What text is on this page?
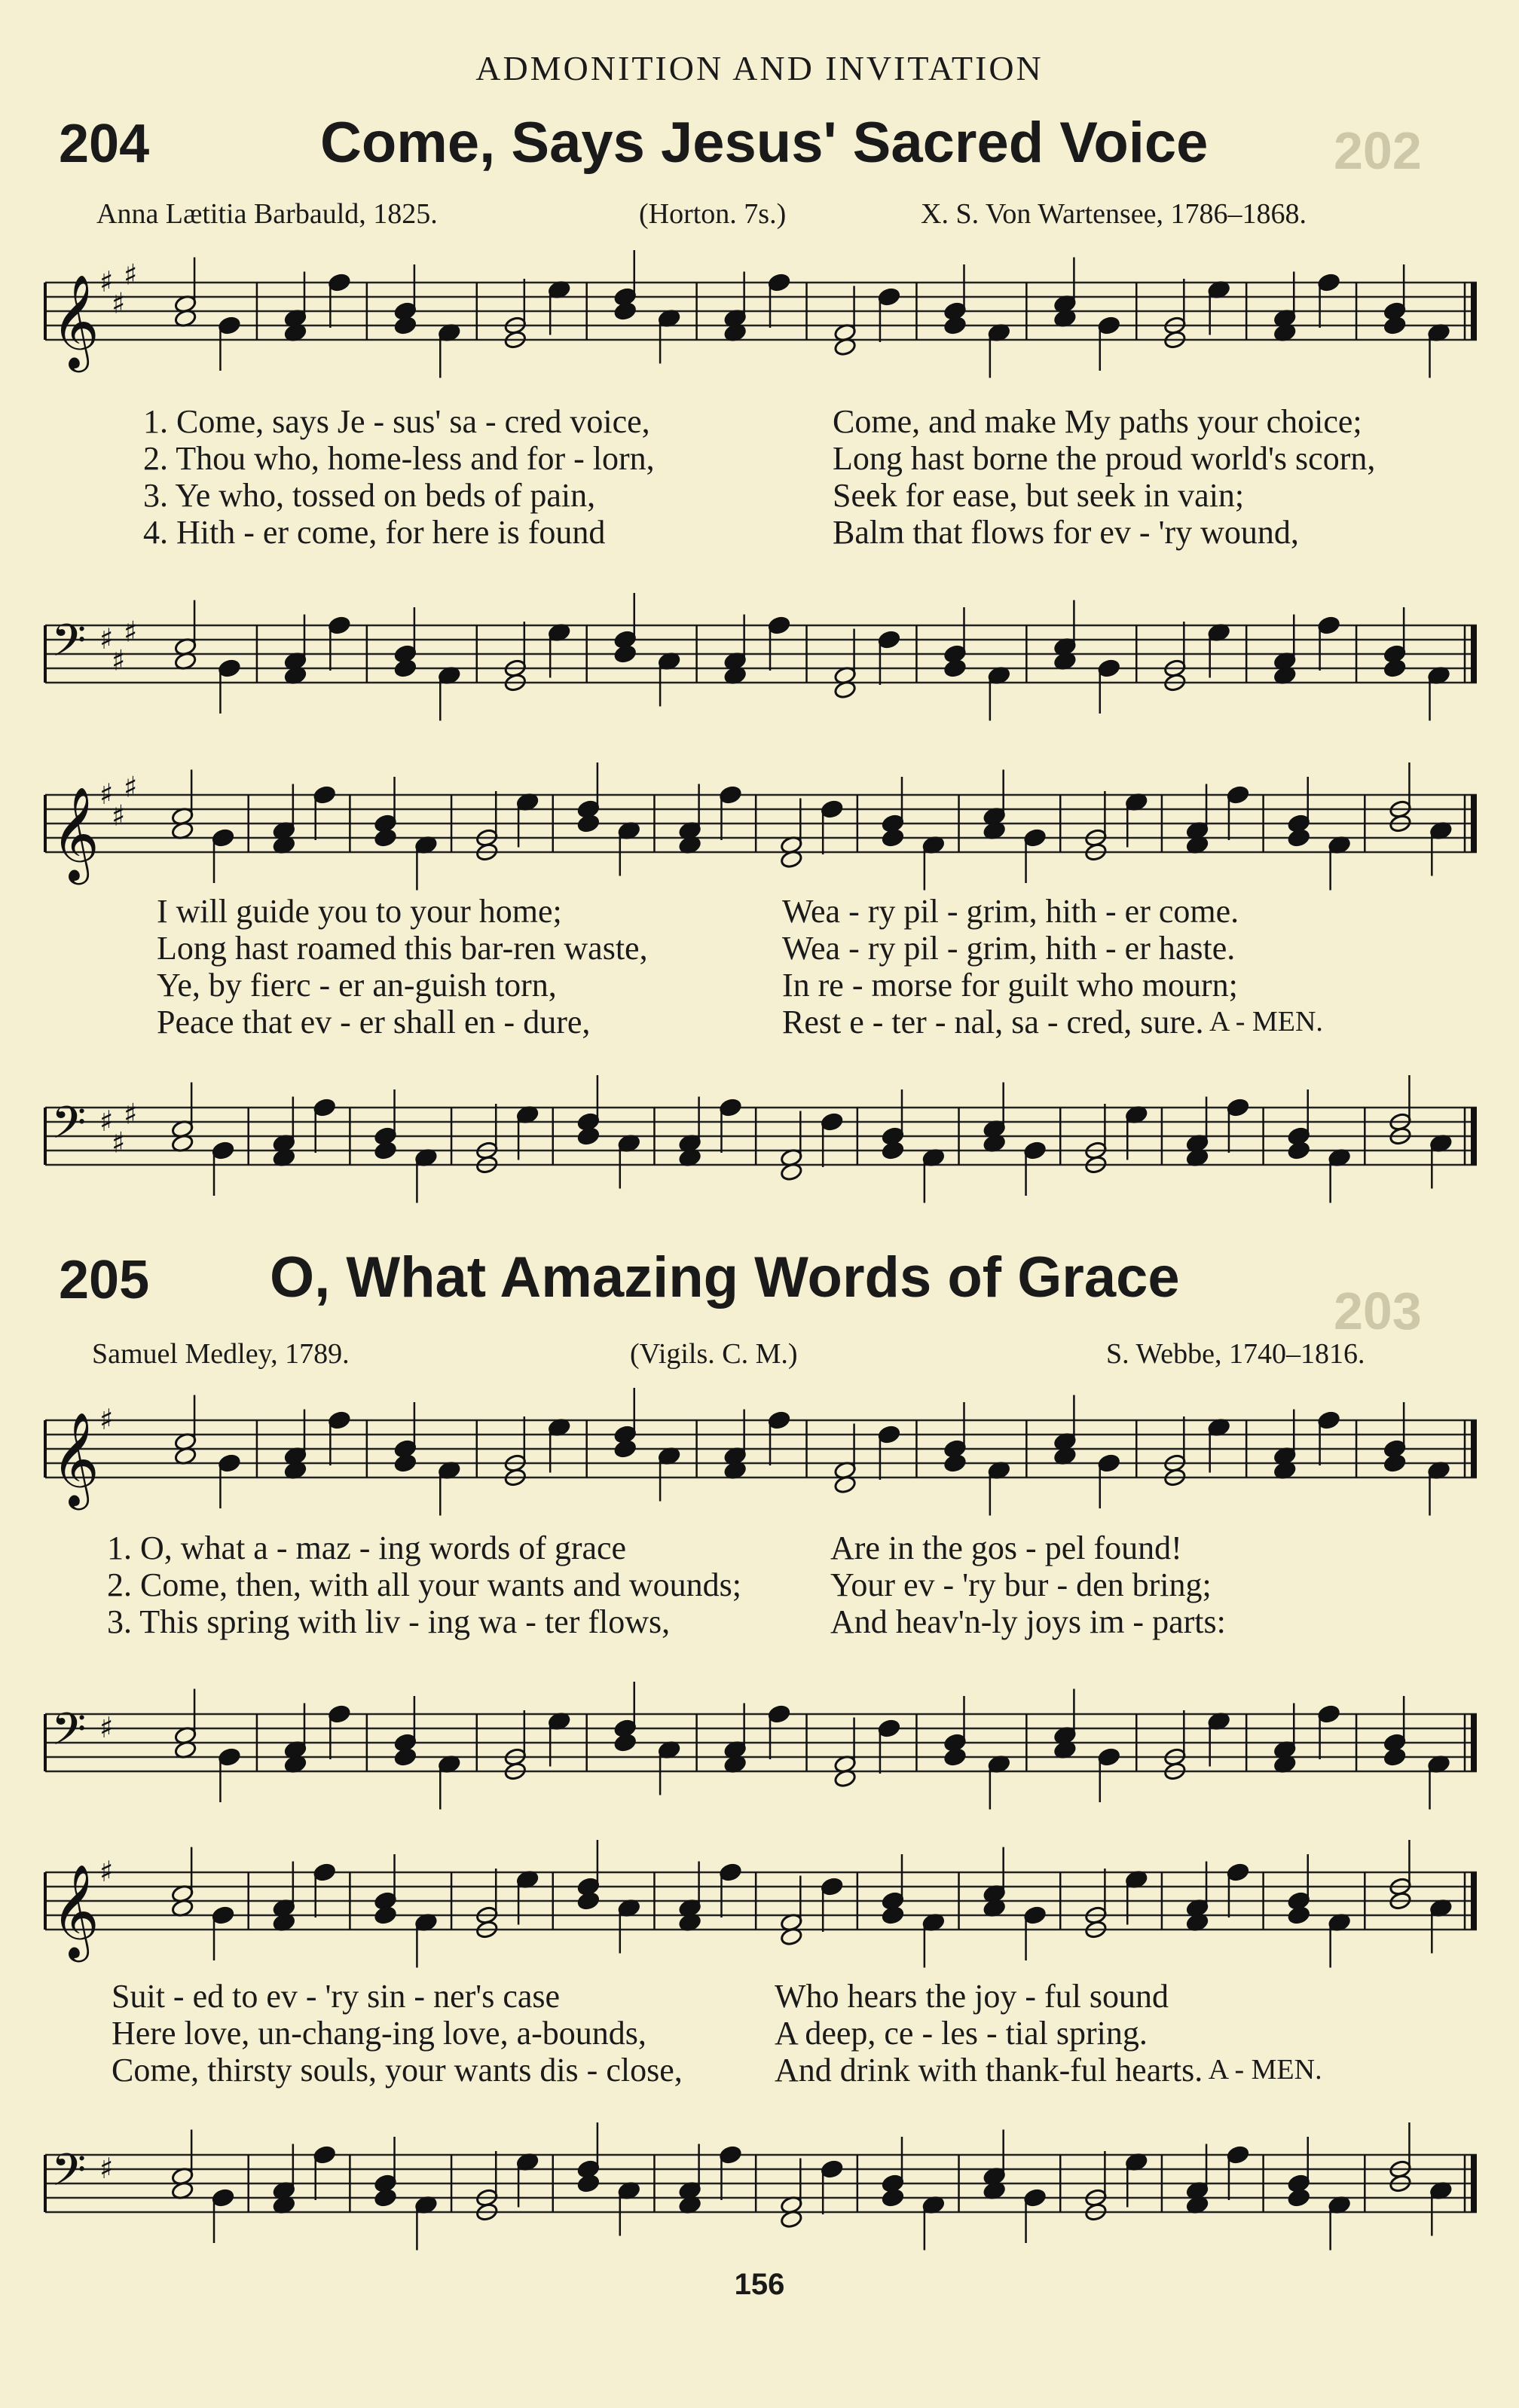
202
203
ADMONITION AND INVITATION
204	Come, Says Jesus' Sacred Voice
Anna Lætitia Barbauld, 1825.	(Horton. 7s.)	X. S. Von Wartensee, 1786–1868.
𝄞 ♯
♯
♯
1. Come, says Je - sus' sa - cred voice,	Come, and make My paths your choice;
2. Thou who, home-less and for - lorn,	Long hast borne the proud world's scorn,
3. Ye who, tossed on beds of pain,	Seek for ease, but seek in vain;
4. Hith - er come, for here is found	Balm that flows for ev - 'ry wound,
𝄢 ♯
♯
♯
𝄞 ♯
♯
♯
I will guide you to your home;	Wea - ry pil - grim, hith - er come.
Long hast roamed this bar-ren waste,	Wea - ry pil - grim, hith - er haste.
Ye, by fierc - er an-guish torn,	In re - morse for guilt who mourn;
Peace that ev - er shall en - dure,	Rest e - ter - nal, sa - cred, sure. A - MEN.
𝄢 ♯
♯
♯
205 O, What Amazing Words of Grace
Samuel Medley, 1789.	(Vigils. C. M.)	S. Webbe, 1740–1816.
𝄞 ♯
1. O, what a - maz - ing words of grace	Are in the gos - pel found!
2. Come, then, with all your wants and wounds;	Your ev - 'ry bur - den bring;
3. This spring with liv - ing wa - ter flows,	And heav'n-ly joys im - parts:
𝄢 ♯
𝄞 ♯
Suit - ed to ev - 'ry sin - ner's case	Who hears the joy - ful sound
Here love, un-chang-ing love, a-bounds,	A deep, ce - les - tial spring.
Come, thirsty souls, your wants dis - close,	And drink with thank-ful hearts. A - MEN.
𝄢 ♯
156
